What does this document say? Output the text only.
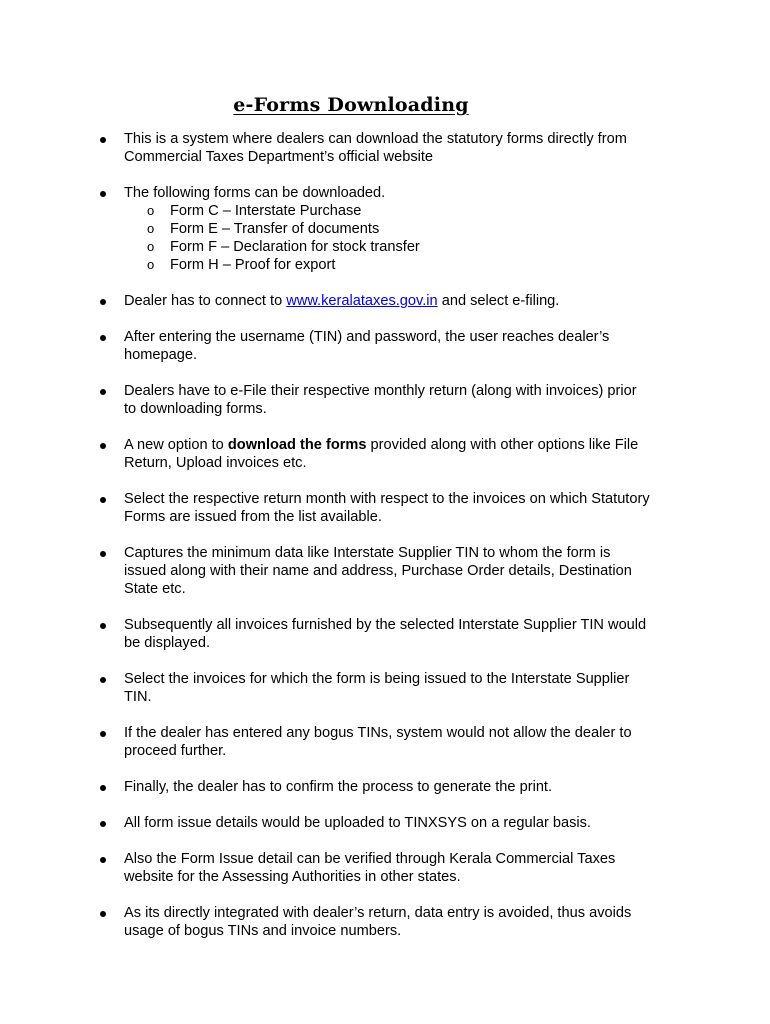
e-Forms Downloading
This is a system where dealers can download the statutory forms directly from Commercial Taxes Department’s official website
The following forms can be downloaded.
o Form C – Interstate Purchase
o Form E – Transfer of documents
o Form F – Declaration for stock transfer
o Form H – Proof for export
Dealer has to connect to www.keralataxes.gov.in and select e-filing.
After entering the username (TIN) and password, the user reaches dealer’s homepage.
Dealers have to e-File their respective monthly return (along with invoices) prior to downloading forms.
A new option to download the forms provided along with other options like File Return, Upload invoices etc.
Select the respective return month with respect to the invoices on which Statutory Forms are issued from the list available.
Captures the minimum data like Interstate Supplier TIN to whom the form is issued along with their name and address, Purchase Order details, Destination State etc.
Subsequently all invoices furnished by the selected Interstate Supplier TIN would be displayed.
Select the invoices for which the form is being issued to the Interstate Supplier TIN.
If the dealer has entered any bogus TINs, system would not allow the dealer to proceed further.
Finally, the dealer has to confirm the process to generate the print.
All form issue details would be uploaded to TINXSYS on a regular basis.
Also the Form Issue detail can be verified through Kerala Commercial Taxes website for the Assessing Authorities in other states.
As its directly integrated with dealer’s return, data entry is avoided, thus avoids usage of bogus TINs and invoice numbers.
